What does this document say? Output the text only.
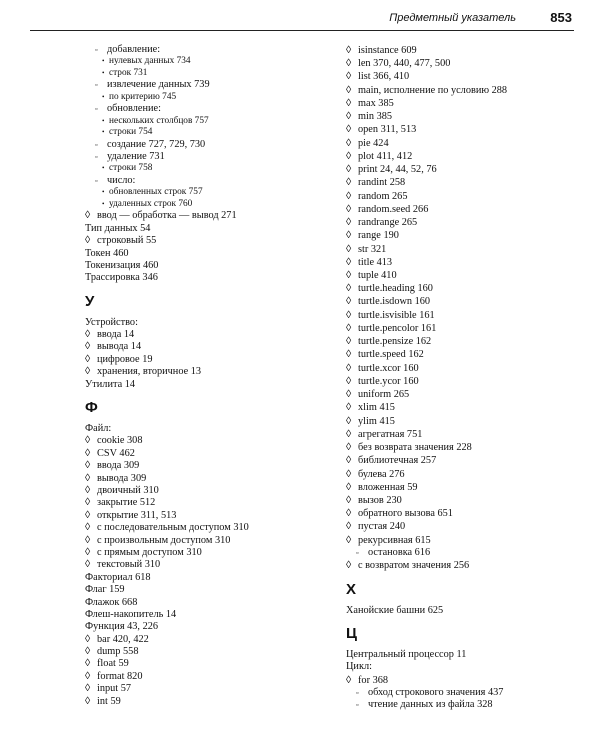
Предметный указатель	853
▫ добавление:
• нулевых данных 734
• строк 731
▫ извлечение данных 739
• по критерию 745
▫ обновление:
• нескольких столбцов 757
• строки 754
▫ создание 727, 729, 730
▫ удаление 731
• строки 758
▫ число:
• обновленных строк 757
• удаленных строк 760
◊ ввод — обработка — вывод 271
Тип данных 54
◊ строковый 55
Токен 460
Токенизация 460
Трассировка 346
У
Устройство:
◊ ввода 14
◊ вывода 14
◊ цифровое 19
◊ хранения, вторичное 13
Утилита 14
Ф
Файл:
◊ cookie 308
◊ CSV 462
◊ ввода 309
◊ вывода 309
◊ двоичный 310
◊ закрытие 512
◊ открытие 311, 513
◊ с последовательным доступом 310
◊ с произвольным доступом 310
◊ с прямым доступом 310
◊ текстовый 310
Факториал 618
Флаг 159
Флажок 668
Флеш-накопитель 14
Функция 43, 226
◊ bar 420, 422
◊ dump 558
◊ float 59
◊ format 820
◊ input 57
◊ int 59
◊ isinstance 609
◊ len 370, 440, 477, 500
◊ list 366, 410
◊ main, исполнение по условию 288
◊ max 385
◊ min 385
◊ open 311, 513
◊ pie 424
◊ plot 411, 412
◊ print 24, 44, 52, 76
◊ randint 258
◊ random 265
◊ random.seed 266
◊ randrange 265
◊ range 190
◊ str 321
◊ title 413
◊ tuple 410
◊ turtle.heading 160
◊ turtle.isdown 160
◊ turtle.isvisible 161
◊ turtle.pencolor 161
◊ turtle.pensize 162
◊ turtle.speed 162
◊ turtle.xcor 160
◊ turtle.ycor 160
◊ uniform 265
◊ xlim 415
◊ ylim 415
◊ агрегатная 751
◊ без возврата значения 228
◊ библиотечная 257
◊ булева 276
◊ вложенная 59
◊ вызов 230
◊ обратного вызова 651
◊ пустая 240
◊ рекурсивная 615
▫ остановка 616
◊ с возвратом значения 256
Х
Ханойские башни 625
Ц
Центральный процессор 11
Цикл:
◊ for 368
▫ обход строкового значения 437
▫ чтение данных из файла 328
